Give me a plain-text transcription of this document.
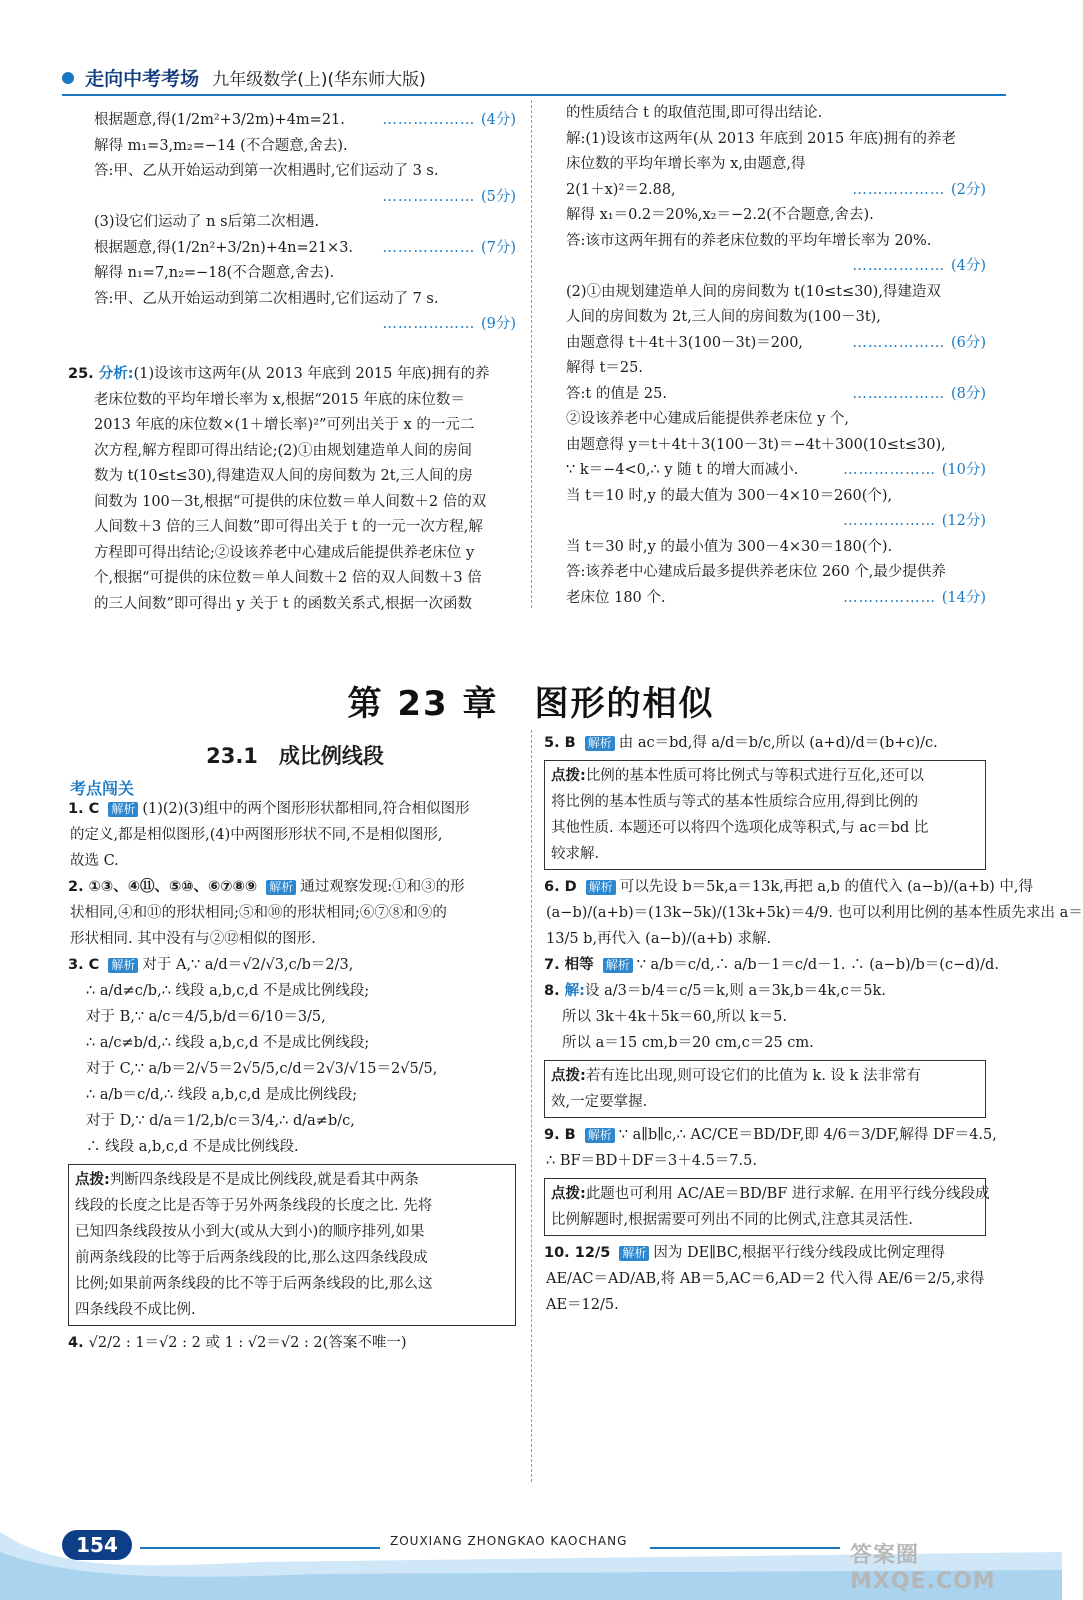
走向中考考场 九年级数学(上)(华东师大版)
根据题意,得(1/2m²+3/2m)+4m=21.	……………… (4分)
解得 m₁=3,m₂=−14 (不合题意,舍去).
答:甲、乙从开始运动到第一次相遇时,它们运动了 3 s.
……………… (5分)
(3)设它们运动了 n s后第二次相遇.
根据题意,得(1/2n²+3/2n)+4n=21×3. ……………… (7分)
解得 n₁=7,n₂=−18(不合题意,舍去).
答:甲、乙从开始运动到第二次相遇时,它们运动了 7 s.
……………… (9分)
25. 分析:(1)设该市这两年(从 2013 年底到 2015 年底)拥有的养
老床位数的平均年增长率为 x,根据“2015 年底的床位数＝
2013 年底的床位数×(1＋增长率)²”可列出关于 x 的一元二
次方程,解方程即可得出结论;(2)①由规划建造单人间的房间
数为 t(10≤t≤30),得建造双人间的房间数为 2t,三人间的房
间数为 100－3t,根据“可提供的床位数＝单人间数＋2 倍的双
人间数＋3 倍的三人间数”即可得出关于 t 的一元一次方程,解
方程即可得出结论;②设该养老中心建成后能提供养老床位 y
个,根据“可提供的床位数＝单人间数＋2 倍的双人间数＋3 倍
的三人间数”即可得出 y 关于 t 的函数关系式,根据一次函数
的性质结合 t 的取值范围,即可得出结论.
解:(1)设该市这两年(从 2013 年底到 2015 年底)拥有的养老
床位数的平均年增长率为 x,由题意,得
2(1＋x)²＝2.88,	……………… (2分)
解得 x₁＝0.2＝20%,x₂＝−2.2(不合题意,舍去).
答:该市这两年拥有的养老床位数的平均年增长率为 20%.
……………… (4分)
(2)①由规划建造单人间的房间数为 t(10≤t≤30),得建造双
人间的房间数为 2t,三人间的房间数为(100－3t),
由题意得 t＋4t＋3(100－3t)＝200,	……………… (6分)
解得 t＝25.
答:t 的值是 25.	……………… (8分)
②设该养老中心建成后能提供养老床位 y 个,
由题意得 y＝t＋4t＋3(100－3t)＝−4t＋300(10≤t≤30),
∵ k＝−4<0,∴ y 随 t 的增大而减小.	……………… (10分)
当 t＝10 时,y 的最大值为 300－4×10＝260(个),
……………… (12分)
当 t＝30 时,y 的最小值为 300－4×30＝180(个).
答:该养老中心建成后最多提供养老床位 260 个,最少提供养
老床位 180 个.	……………… (14分)
第 23 章　图形的相似
23.1　成比例线段
考点闯关
1. C 解析 (1)(2)(3)组中的两个图形形状都相同,符合相似图形
的定义,都是相似图形,(4)中两图形形状不同,不是相似图形,
故选 C.
2. ①③、④⑪、⑤⑩、⑥⑦⑧⑨ 解析 通过观察发现:①和③的形
状相同,④和⑪的形状相同;⑤和⑩的形状相同;⑥⑦⑧和⑨的
形状相同. 其中没有与②⑫相似的图形.
3. C 解析 对于 A,∵ a/d＝√2/√3,c/b＝2/3,
∴ a/d≠c/b,∴ 线段 a,b,c,d 不是成比例线段;
对于 B,∵ a/c＝4/5,b/d＝6/10＝3/5,
∴ a/c≠b/d,∴ 线段 a,b,c,d 不是成比例线段;
对于 C,∵ a/b＝2/√5＝2√5/5,c/d＝2√3/√15＝2√5/5,
∴ a/b＝c/d,∴ 线段 a,b,c,d 是成比例线段;
对于 D,∵ d/a＝1/2,b/c＝3/4,∴ d/a≠b/c,
∴ 线段 a,b,c,d 不是成比例线段.
点拨:判断四条线段是不是成比例线段,就是看其中两条
线段的长度之比是否等于另外两条线段的长度之比. 先将
已知四条线段按从小到大(或从大到小)的顺序排列,如果
前两条线段的比等于后两条线段的比,那么这四条线段成
比例;如果前两条线段的比不等于后两条线段的比,那么这
四条线段不成比例.
4. √2/2 : 1＝√2 : 2 或 1 : √2＝√2 : 2(答案不唯一)
5. B 解析 由 ac＝bd,得 a/d＝b/c,所以 (a+d)/d＝(b+c)/c.
点拨:比例的基本性质可将比例式与等积式进行互化,还可以
将比例的基本性质与等式的基本性质综合应用,得到比例的
其他性质. 本题还可以将四个选项化成等积式,与 ac＝bd 比
较求解.
6. D 解析 可以先设 b＝5k,a＝13k,再把 a,b 的值代入 (a−b)/(a+b) 中,得
(a−b)/(a+b)＝(13k−5k)/(13k+5k)＝4/9. 也可以利用比例的基本性质先求出 a＝
13/5 b,再代入 (a−b)/(a+b) 求解.
7. 相等 解析 ∵ a/b＝c/d,∴ a/b－1＝c/d－1. ∴ (a−b)/b＝(c−d)/d.
8. 解:设 a/3＝b/4＝c/5＝k,则 a＝3k,b＝4k,c＝5k.
所以 3k＋4k＋5k＝60,所以 k＝5.
所以 a＝15 cm,b＝20 cm,c＝25 cm.
点拨:若有连比出现,则可设它们的比值为 k. 设 k 法非常有
效,一定要掌握.
9. B 解析 ∵ a∥b∥c,∴ AC/CE＝BD/DF,即 4/6＝3/DF,解得 DF＝4.5,
∴ BF＝BD＋DF＝3＋4.5＝7.5.
点拨:此题也可利用 AC/AE＝BD/BF 进行求解. 在用平行线分线段成
比例解题时,根据需要可列出不同的比例式,注意其灵活性.
10. 12/5 解析 因为 DE∥BC,根据平行线分线段成比例定理得
AE/AC＝AD/AB,将 AB＝5,AC＝6,AD＝2 代入得 AE/6＝2/5,求得
AE＝12/5.
154	ZOUXIANG ZHONGKAO KAOCHANG
答案圈 MXQE.COM
